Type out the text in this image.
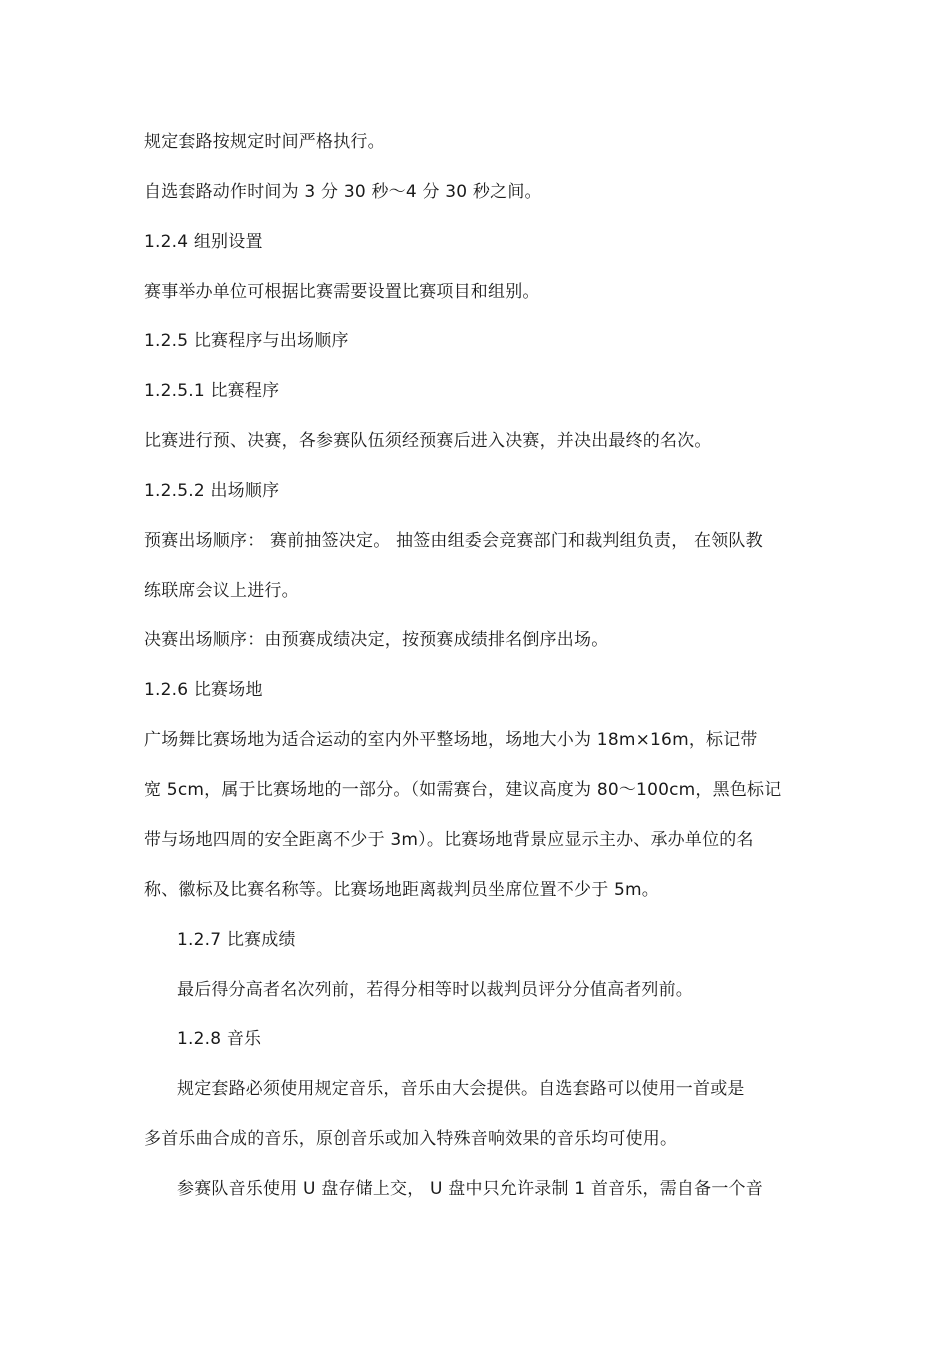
规定套路按规定时间严格执行。
自选套路动作时间为 3 分 30 秒～4 分 30 秒之间。
1.2.4 组别设置
赛事举办单位可根据比赛需要设置比赛项目和组别。
1.2.5 比赛程序与出场顺序
1.2.5.1 比赛程序
比赛进行预、决赛，各参赛队伍须经预赛后进入决赛，并决出最终的名次。
1.2.5.2 出场顺序
预赛出场顺序： 赛前抽签决定。 抽签由组委会竞赛部门和裁判组负责， 在领队教
练联席会议上进行。
决赛出场顺序：由预赛成绩决定，按预赛成绩排名倒序出场。
1.2.6 比赛场地
广场舞比赛场地为适合运动的室内外平整场地，场地大小为 18m×16m，标记带
宽 5cm，属于比赛场地的一部分。（如需赛台，建议高度为 80～100cm，黑色标记
带与场地四周的安全距离不少于 3m）。比赛场地背景应显示主办、承办单位的名
称、徽标及比赛名称等。比赛场地距离裁判员坐席位置不少于 5m。
1.2.7 比赛成绩
最后得分高者名次列前，若得分相等时以裁判员评分分值高者列前。
1.2.8 音乐
规定套路必须使用规定音乐，音乐由大会提供。自选套路可以使用一首或是
多首乐曲合成的音乐，原创音乐或加入特殊音响效果的音乐均可使用。
参赛队音乐使用 U 盘存储上交， U 盘中只允许录制 1 首音乐，需自备一个音
